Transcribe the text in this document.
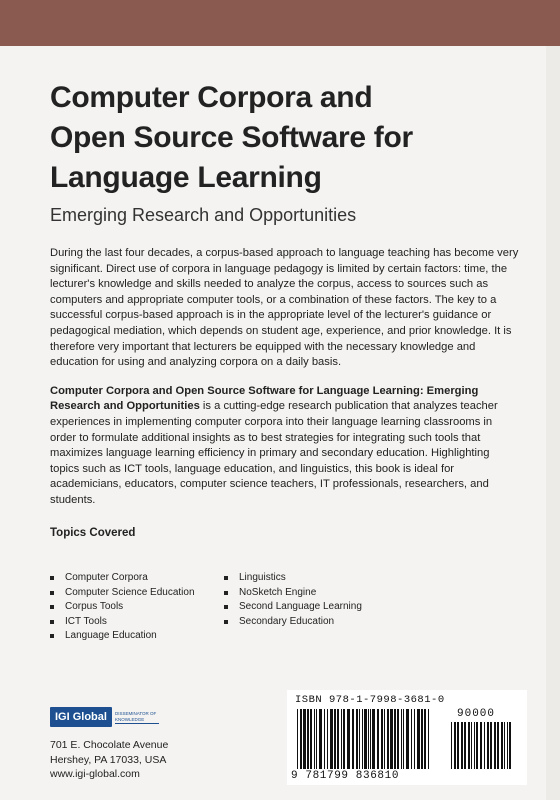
Computer Corpora and
Open Source Software for
Language Learning
Emerging Research and Opportunities

During the last four decades, a corpus-based approach to language teaching has become very significant. Direct use of corpora in language pedagogy is limited by certain factors: time, the lecturer's knowledge and skills needed to analyze the corpus, access to sources such as computers and appropriate computer tools, or a combination of these factors. The key to a successful corpus-based approach is in the appropriate level of the lecturer's guidance or pedagogical mediation, which depends on student age, experience, and prior knowledge. It is therefore very important that lecturers be equipped with the necessary knowledge and education for using and analyzing corpora on a daily basis.

Computer Corpora and Open Source Software for Language Learning: Emerging Research and Opportunities is a cutting-edge research publication that analyzes teacher experiences in implementing computer corpora into their language learning classrooms in order to formulate additional insights as to best strategies for integrating such tools that maximizes language learning efficiency in primary and secondary education. Highlighting topics such as ICT tools, language education, and linguistics, this book is ideal for academicians, educators, computer science teachers, IT professionals, researchers, and students.

Topics Covered
Computer Corpora
Computer Science Education
Corpus Tools
ICT Tools
Language Education
Linguistics
NoSketch Engine
Second Language Learning
Secondary Education
IGI Global	DISSEMINATOR OF KNOWLEDGE
701 E. Chocolate Avenue
Hershey, PA 17033, USA
www.igi-global.com
ISBN 978-1-7998-3681-0
90000
9 781799 836810
